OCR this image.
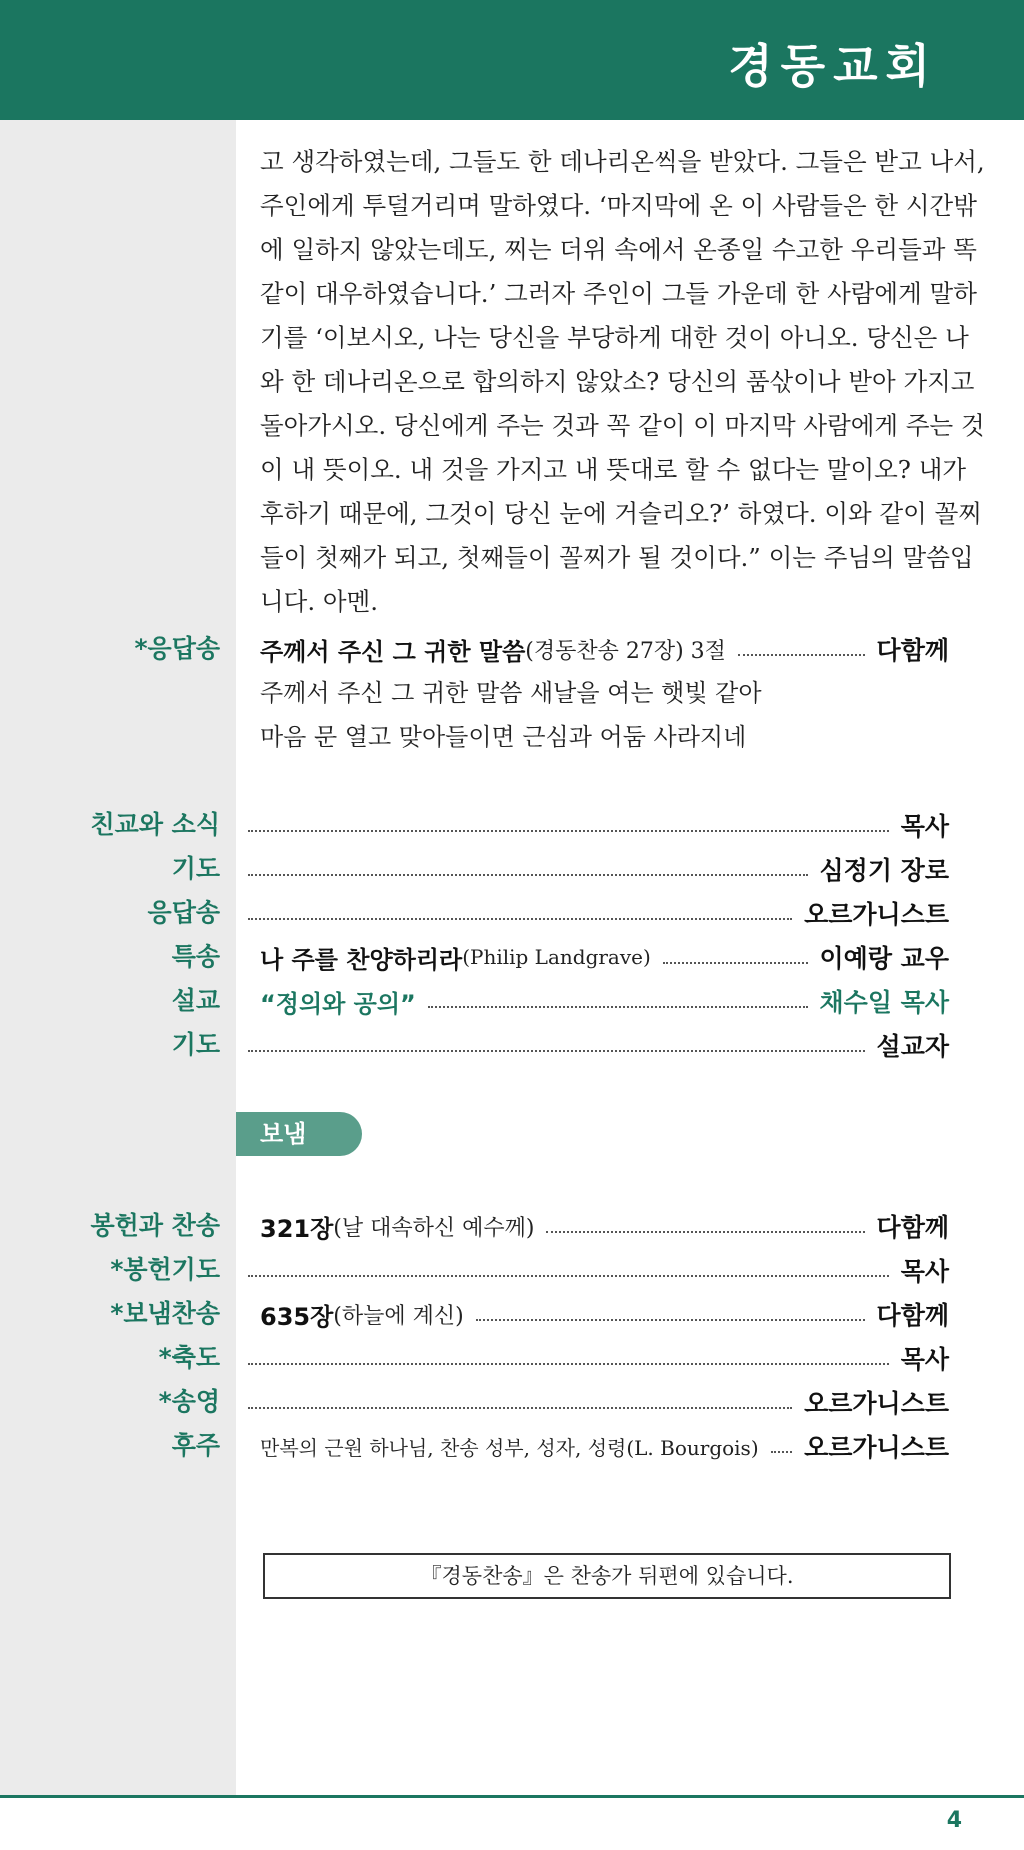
경동교회

고 생각하였는데, 그들도 한 데나리온씩을 받았다. 그들은 받고 나서,

주인에게 투덜거리며 말하였다. ‘마지막에 온 이 사람들은 한 시간밖

에 일하지 않았는데도, 찌는 더위 속에서 온종일 수고한 우리들과 똑

같이 대우하였습니다.’ 그러자 주인이 그들 가운데 한 사람에게 말하

기를 ‘이보시오, 나는 당신을 부당하게 대한 것이 아니오. 당신은 나

와 한 데나리온으로 합의하지 않았소? 당신의 품삯이나 받아 가지고

돌아가시오. 당신에게 주는 것과 꼭 같이 이 마지막 사람에게 주는 것

이 내 뜻이오. 내 것을 가지고 내 뜻대로 할 수 없다는 말이오? 내가

후하기 때문에, 그것이 당신 눈에 거슬리오?’ 하였다. 이와 같이 꼴찌

들이 첫째가 되고, 첫째들이 꼴찌가 될 것이다.” 이는 주님의 말씀입

니다. 아멘.

*응답송 주께서 주신 그 귀한 말씀 (경동찬송 27장) 3절	다함께
주께서 주신 그 귀한 말씀 새날을 여는 햇빛 같아
마음 문 열고 맞아들이면 근심과 어둠 사라지네
친교와 소식	목사
기도	심정기 장로
응답송	오르가니스트
특송 나 주를 찬양하리라 (Philip Landgrave)	이예랑 교우
설교 “정의와 공의”	채수일 목사
기도	설교자
보냄
봉헌과 찬송 321장 (날 대속하신 예수께)	다함께
*봉헌기도	목사
*보냄찬송 635장 (하늘에 계신)	다함께
*축도	목사
*송영	오르가니스트
후주 만복의 근원 하나님, 찬송 성부, 성자, 성령(L. Bourgois) 오르가니스트
『경동찬송』은 찬송가 뒤편에 있습니다.
4
